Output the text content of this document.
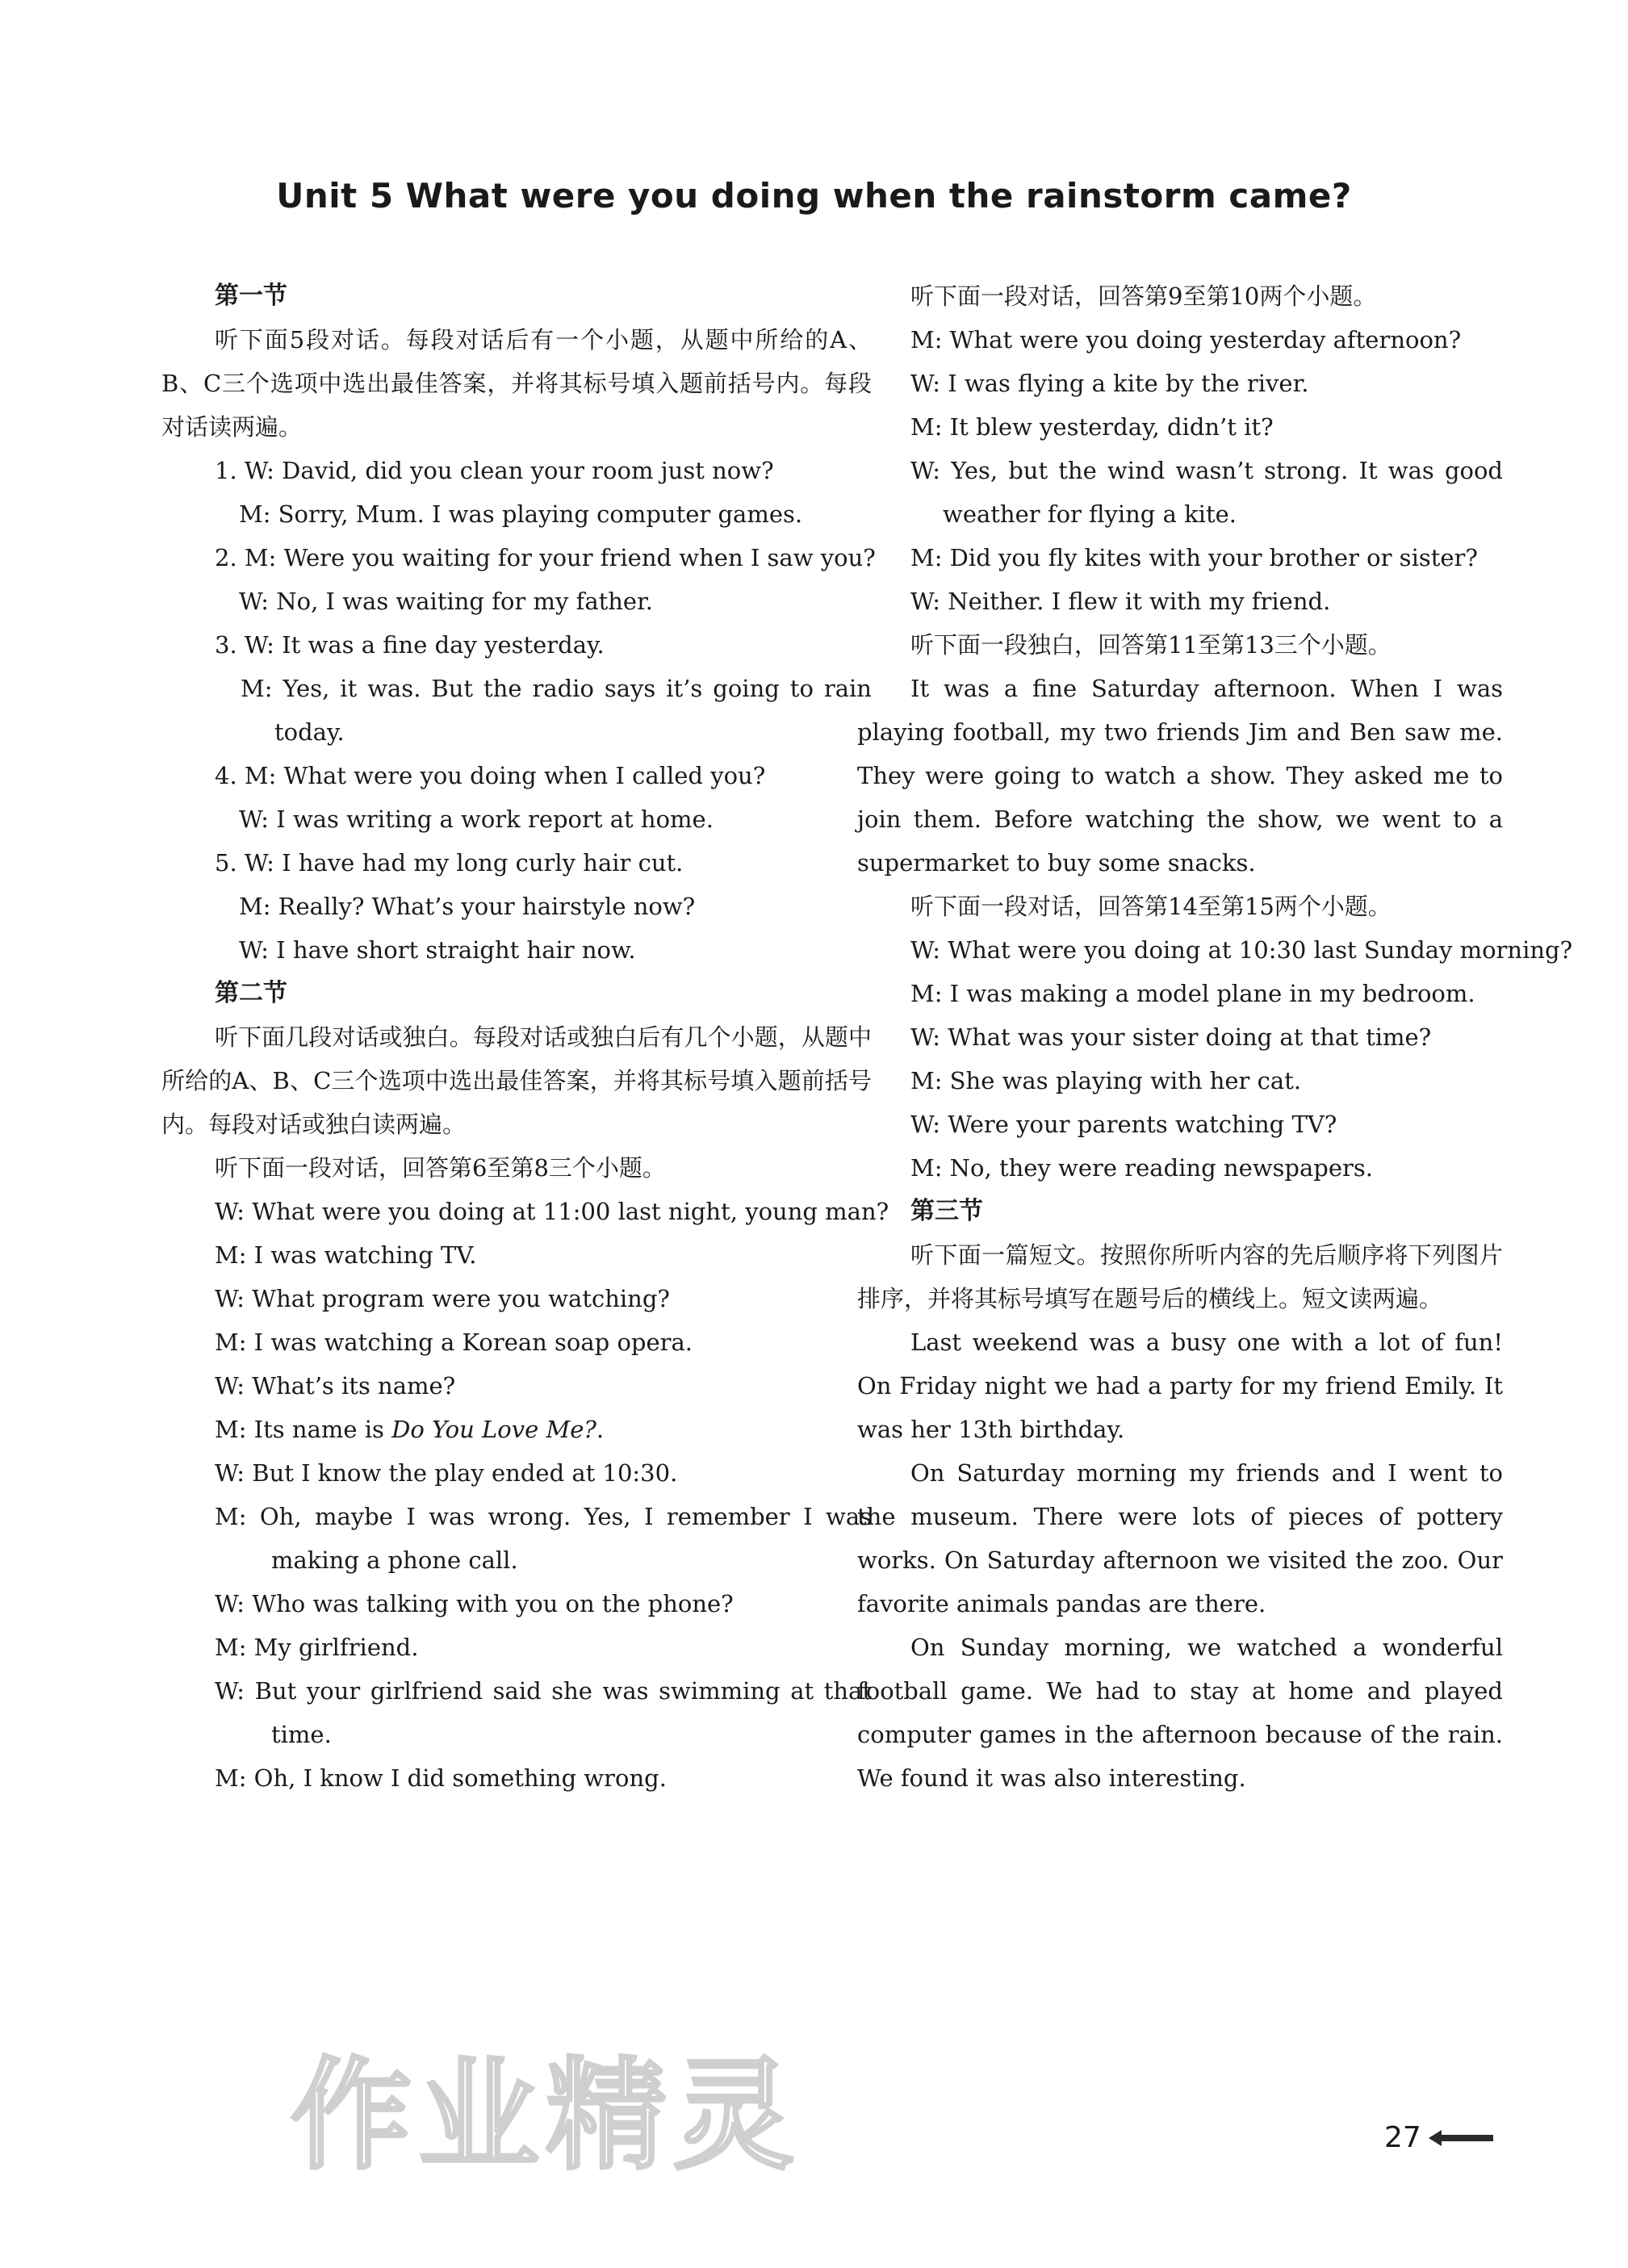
Unit 5 What were you doing when the rainstorm came?
第一节
听下面5段对话。每段对话后有一个小题，从题中所给的A、B、C三个选项中选出最佳答案，并将其标号填入题前括号内。每段对话读两遍。
1. W: David, did you clean your room just now?
M: Sorry, Mum. I was playing computer games.
2. M: Were you waiting for your friend when I saw you?
W: No, I was waiting for my father.
3. W: It was a fine day yesterday.
M: Yes, it was. But the radio says it’s going to rain today.
4. M: What were you doing when I called you?
W: I was writing a work report at home.
5. W: I have had my long curly hair cut.
M: Really? What’s your hairstyle now?
W: I have short straight hair now.
第二节
听下面几段对话或独白。每段对话或独白后有几个小题，从题中所给的A、B、C三个选项中选出最佳答案，并将其标号填入题前括号内。每段对话或独白读两遍。
听下面一段对话，回答第6至第8三个小题。
W: What were you doing at 11:00 last night, young man?
M: I was watching TV.
W: What program were you watching?
M: I was watching a Korean soap opera.
W: What’s its name?
M: Its name is Do You Love Me?.
W: But I know the play ended at 10:30.
M: Oh, maybe I was wrong. Yes, I remember I was making a phone call.
W: Who was talking with you on the phone?
M: My girlfriend.
W: But your girlfriend said she was swimming at that time.
M: Oh, I know I did something wrong.
听下面一段对话，回答第9至第10两个小题。
M: What were you doing yesterday afternoon?
W: I was flying a kite by the river.
M: It blew yesterday, didn’t it?
W: Yes, but the wind wasn’t strong. It was good weather for flying a kite.
M: Did you fly kites with your brother or sister?
W: Neither. I flew it with my friend.
听下面一段独白，回答第11至第13三个小题。
It was a fine Saturday afternoon. When I was playing football, my two friends Jim and Ben saw me. They were going to watch a show. They asked me to join them. Before watching the show, we went to a supermarket to buy some snacks.
听下面一段对话，回答第14至第15两个小题。
W: What were you doing at 10:30 last Sunday morning?
M: I was making a model plane in my bedroom.
W: What was your sister doing at that time?
M: She was playing with her cat.
W: Were your parents watching TV?
M: No, they were reading newspapers.
第三节
听下面一篇短文。按照你所听内容的先后顺序将下列图片排序，并将其标号填写在题号后的横线上。短文读两遍。
Last weekend was a busy one with a lot of fun! On Friday night we had a party for my friend Emily. It was her 13th birthday.
On Saturday morning my friends and I went to the museum. There were lots of pieces of pottery works. On Saturday afternoon we visited the zoo. Our favorite animals pandas are there.
On Sunday morning, we watched a wonderful football game. We had to stay at home and played computer games in the afternoon because of the rain. We found it was also interesting.
作业精灵	27
